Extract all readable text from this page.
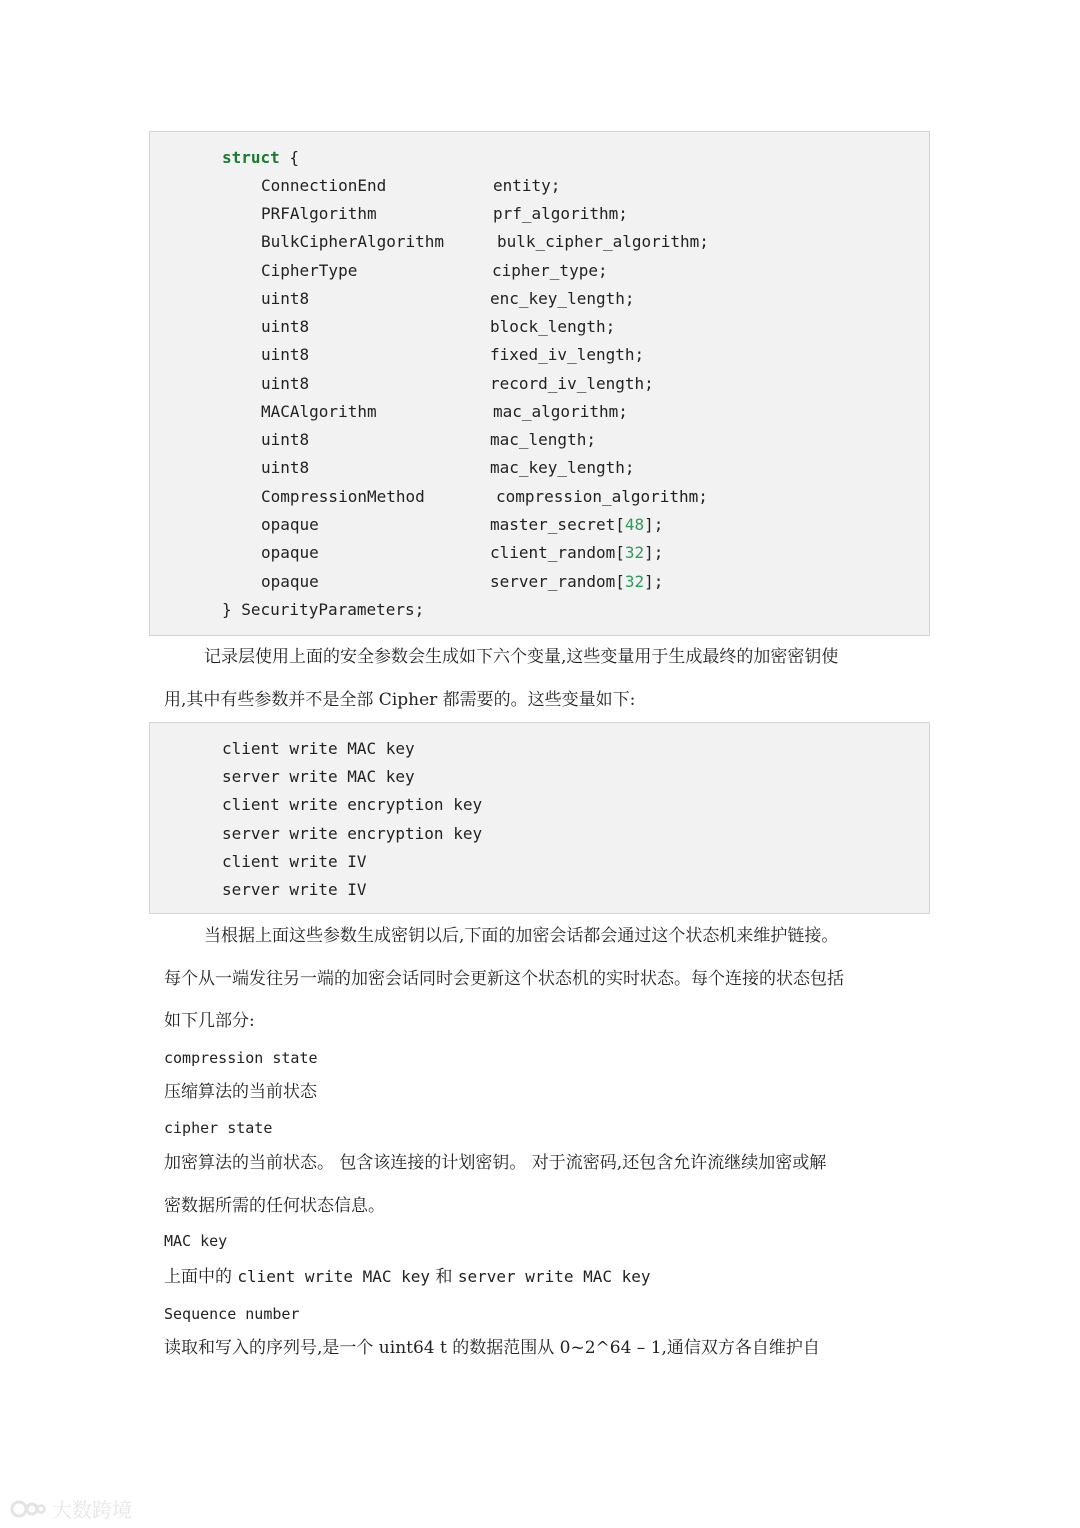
struct {
ConnectionEnd	entity;
PRFAlgorithm	prf_algorithm;
BulkCipherAlgorithm	bulk_cipher_algorithm;
CipherType	cipher_type;
uint8	enc_key_length;
uint8	block_length;
uint8	fixed_iv_length;
uint8	record_iv_length;
MACAlgorithm	mac_algorithm;
uint8	mac_length;
uint8	mac_key_length;
CompressionMethod	compression_algorithm;
opaque	master_secret[48];
opaque	client_random[32];
opaque	server_random[32];
} SecurityParameters;
记录层使用上面的安全参数会生成如下六个变量,这些变量用于生成最终的加密密钥使
用,其中有些参数并不是全部 Cipher 都需要的。这些变量如下:
client write MAC key
server write MAC key
client write encryption key
server write encryption key
client write IV
server write IV
当根据上面这些参数生成密钥以后,下面的加密会话都会通过这个状态机来维护链接。
每个从一端发往另一端的加密会话同时会更新这个状态机的实时状态。每个连接的状态包括
如下几部分:
compression state
压缩算法的当前状态
cipher state
加密算法的当前状态。 包含该连接的计划密钥。 对于流密码,还包含允许流继续加密或解
密数据所需的任何状态信息。
MAC key
上面中的 client write MAC key 和 server write MAC key
Sequence number
读取和写入的序列号,是一个 uint64 t 的数据范围从 0~2^64 – 1,通信双方各自维护自
大数跨境
